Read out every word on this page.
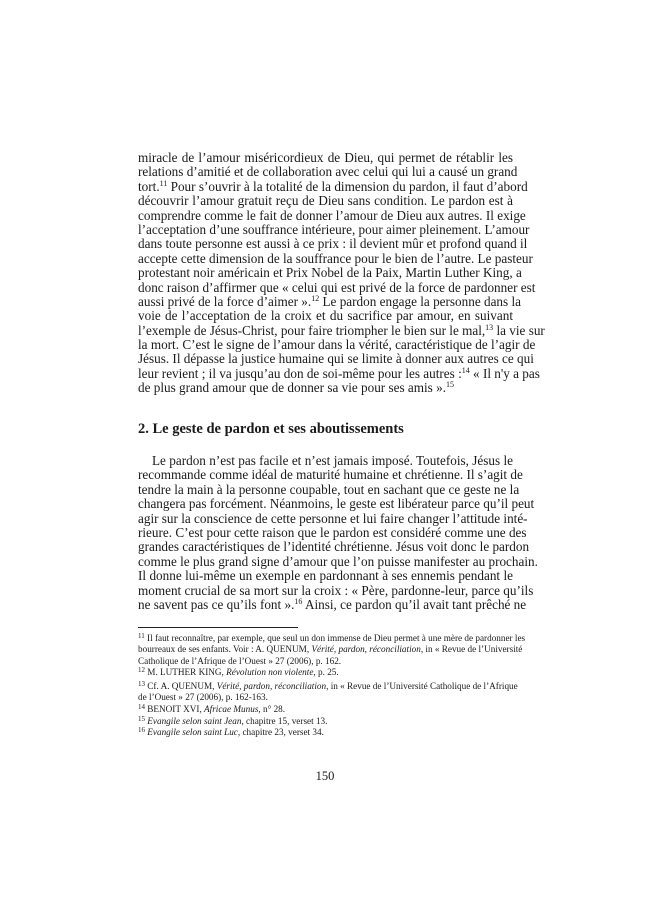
miracle de l’amour miséricordieux de Dieu, qui permet de rétablir les
relations d’amitié et de collaboration avec celui qui lui a causé un grand
tort.$^{11}$ Pour s’ouvrir à la totalité de la dimension du pardon, il faut d’abord
découvrir l’amour gratuit reçu de Dieu sans condition. Le pardon est à
comprendre comme le fait de donner l’amour de Dieu aux autres. Il exige
l’acceptation d’une souffrance intérieure, pour aimer pleinement. L’amour
dans toute personne est aussi à ce prix : il devient mûr et profond quand il
accepte cette dimension de la souffrance pour le bien de l’autre. Le pasteur
protestant noir américain et Prix Nobel de la Paix, Martin Luther King, a
donc raison d’affirmer que « celui qui est privé de la force de pardonner est
aussi privé de la force d’aimer ».$^{12}$ Le pardon engage la personne dans la
voie de l’acceptation de la croix et du sacrifice par amour, en suivant
l’exemple de Jésus-Christ, pour faire triompher le bien sur le mal,$^{13}$ la vie sur
la mort. C’est le signe de l’amour dans la vérité, caractéristique de l’agir de
Jésus. Il dépasse la justice humaine qui se limite à donner aux autres ce qui
leur revient ; il va jusqu’au don de soi-même pour les autres :$^{14}$ « Il n'y a pas
de plus grand amour que de donner sa vie pour ses amis ».$^{15}$
2. Le geste de pardon et ses aboutissements
Le pardon n’est pas facile et n’est jamais imposé. Toutefois, Jésus le
recommande comme idéal de maturité humaine et chrétienne. Il s’agit de
tendre la main à la personne coupable, tout en sachant que ce geste ne la
changera pas forcément. Néanmoins, le geste est libérateur parce qu’il peut
agir sur la conscience de cette personne et lui faire changer l’attitude inté-
rieure. C’est pour cette raison que le pardon est considéré comme une des
grandes caractéristiques de l’identité chrétienne. Jésus voit donc le pardon
comme le plus grand signe d’amour que l’on puisse manifester au prochain.
Il donne lui-même un exemple en pardonnant à ses ennemis pendant le
moment crucial de sa mort sur la croix : « Père, pardonne-leur, parce qu’ils
ne savent pas ce qu’ils font ».$^{16}$ Ainsi, ce pardon qu’il avait tant prêché ne
$^{11}$ Il faut reconnaître, par exemple, que seul un don immense de Dieu permet à une mère de pardonner les
bourreaux de ses enfants. Voir : A. QUENUM, Vérité, pardon, réconciliation, in « Revue de l’Université
Catholique de l’Afrique de l’Ouest » 27 (2006), p. 162.
$^{12}$ M. LUTHER KING, Révolution non violente, p. 25.
$^{13}$ Cf. A. QUENUM, Vérité, pardon, réconciliation, in « Revue de l’Université Catholique de l’Afrique
de l’Ouest » 27 (2006), p. 162-163.
$^{14}$ BENOIT XVI, Africae Munus, n° 28.
$^{15}$ Evangile selon saint Jean, chapitre 15, verset 13.
$^{16}$ Evangile selon saint Luc, chapitre 23, verset 34.
150
